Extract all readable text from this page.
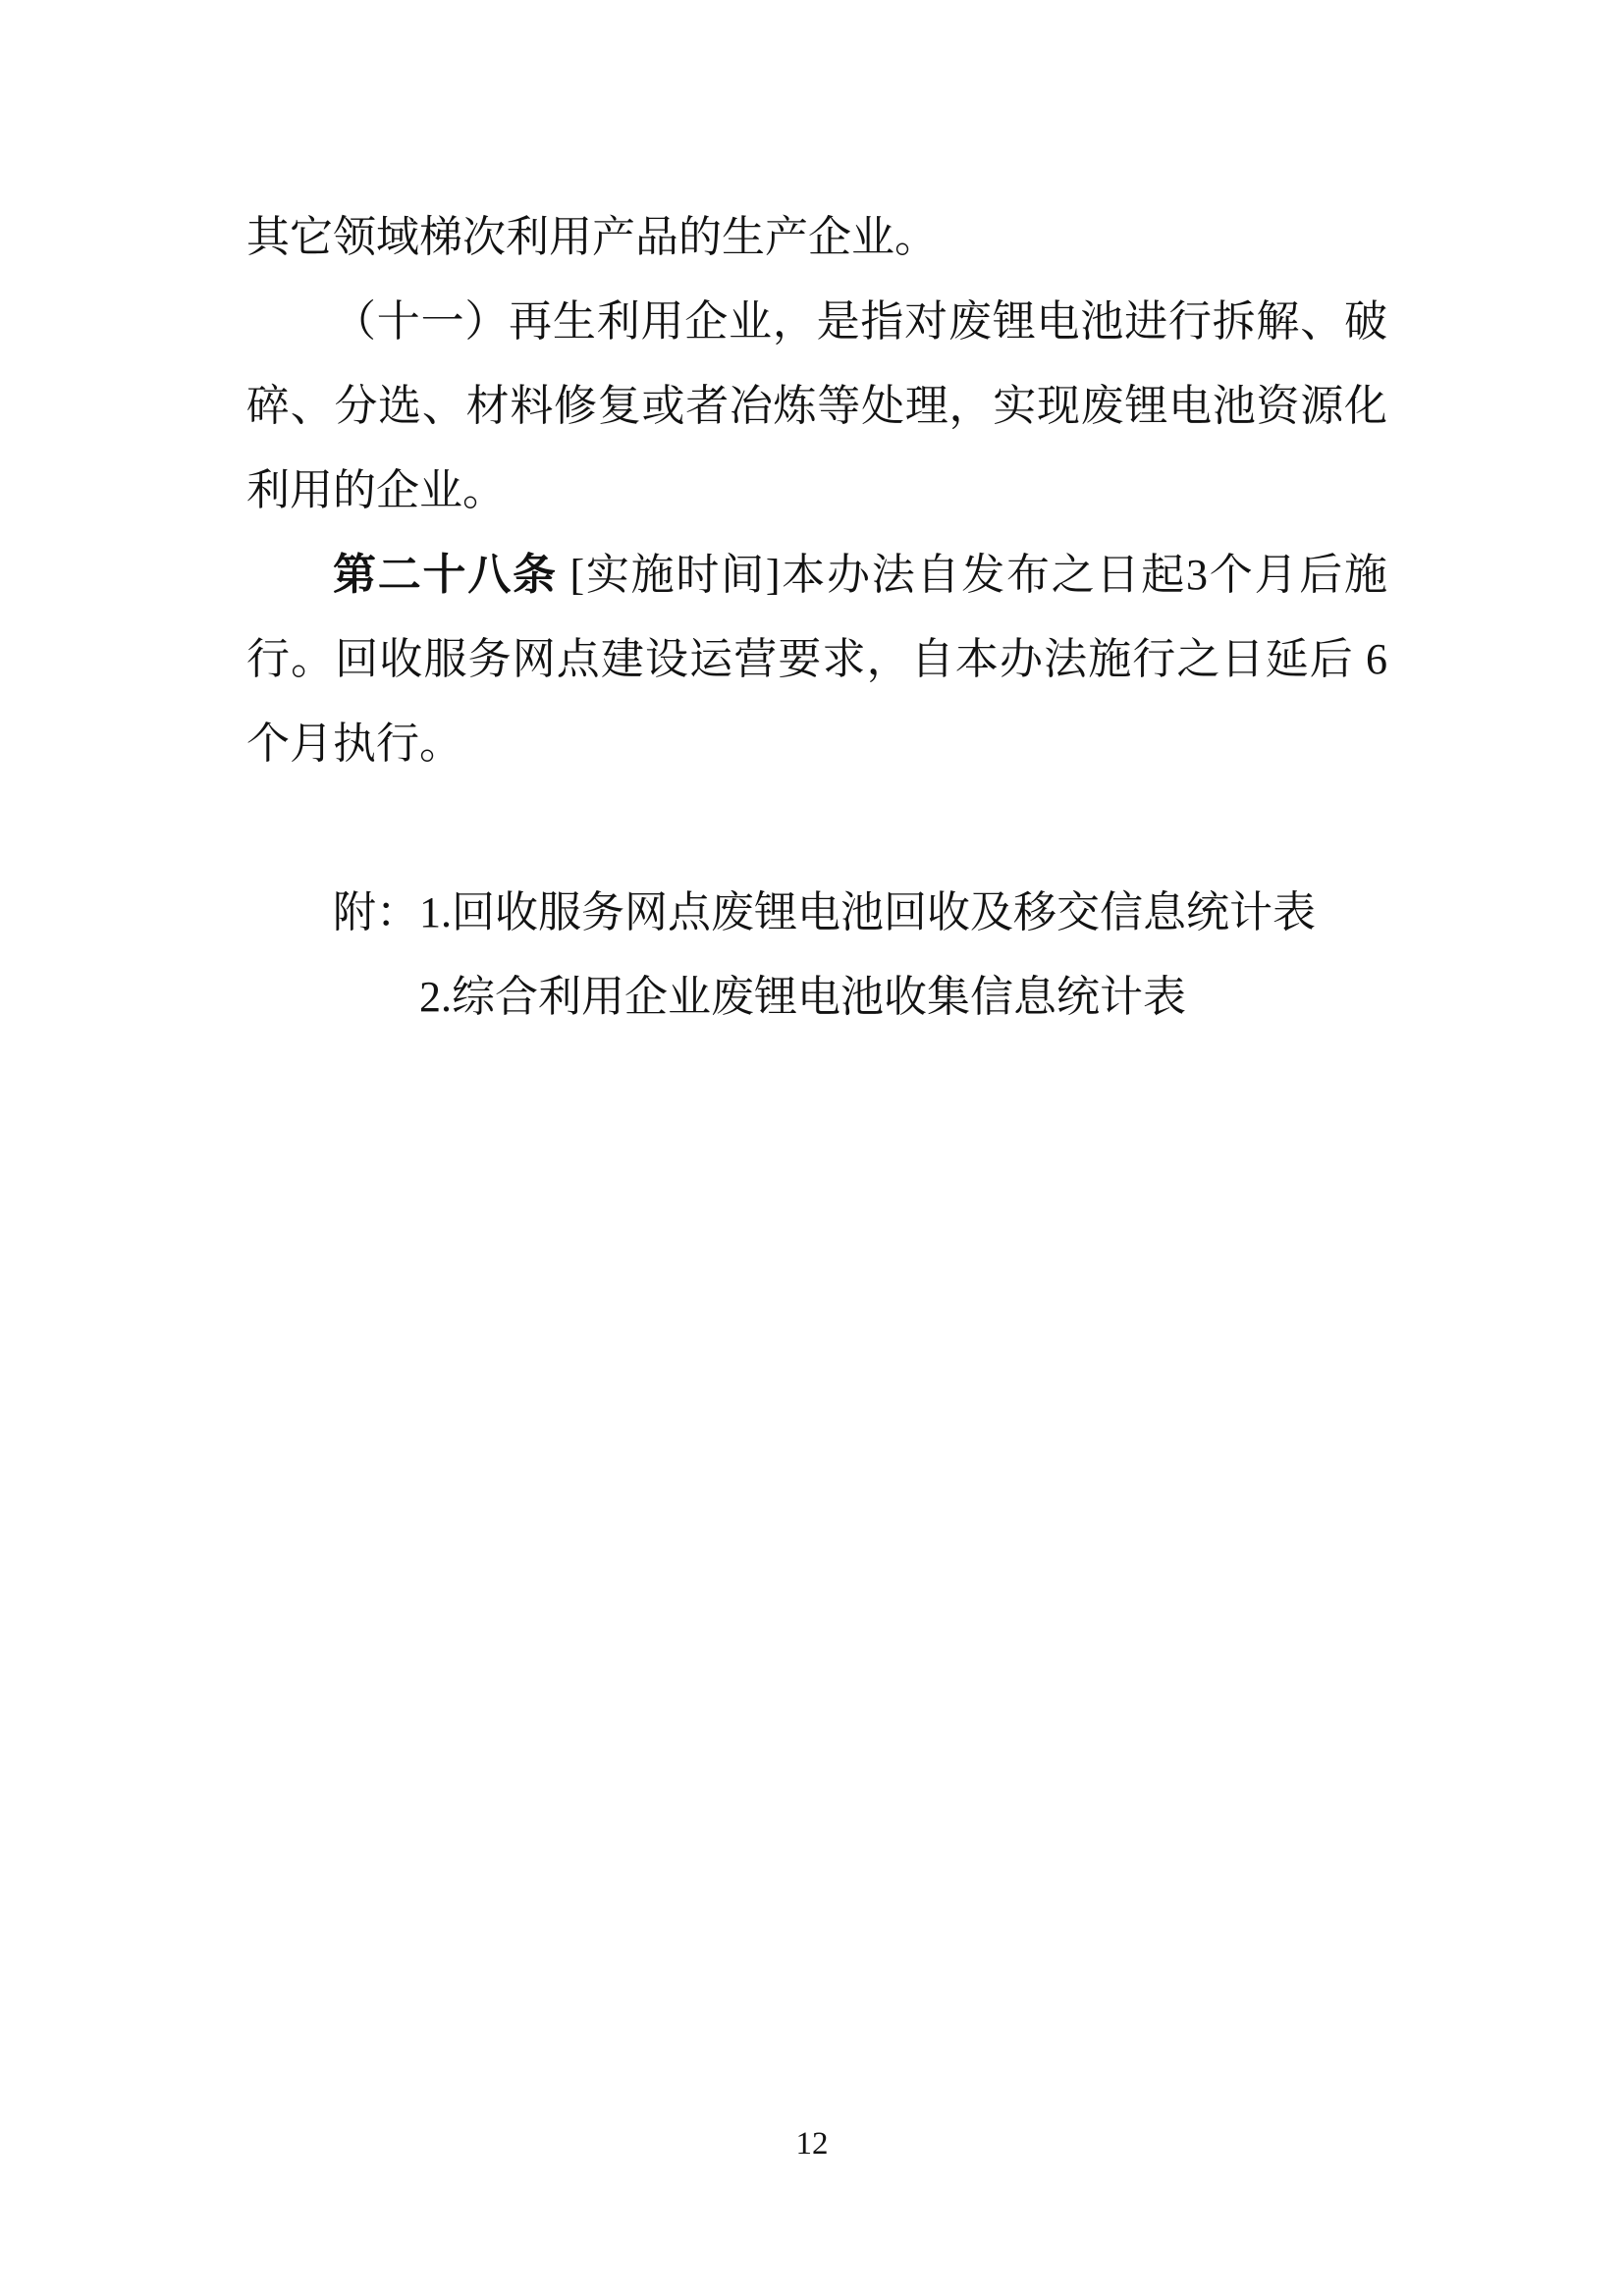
其它领域梯次利用产品的生产企业。
（十一）再生利用企业，是指对废锂电池进行拆解、破
碎、分选、材料修复或者冶炼等处理，实现废锂电池资源化
利用的企业。
第二十八条 [实施时间]本办法自发布之日起3个月后施
行。回收服务网点建设运营要求，自本办法施行之日延后 6
个月执行。
附：1.回收服务网点废锂电池回收及移交信息统计表
2.综合利用企业废锂电池收集信息统计表
12
